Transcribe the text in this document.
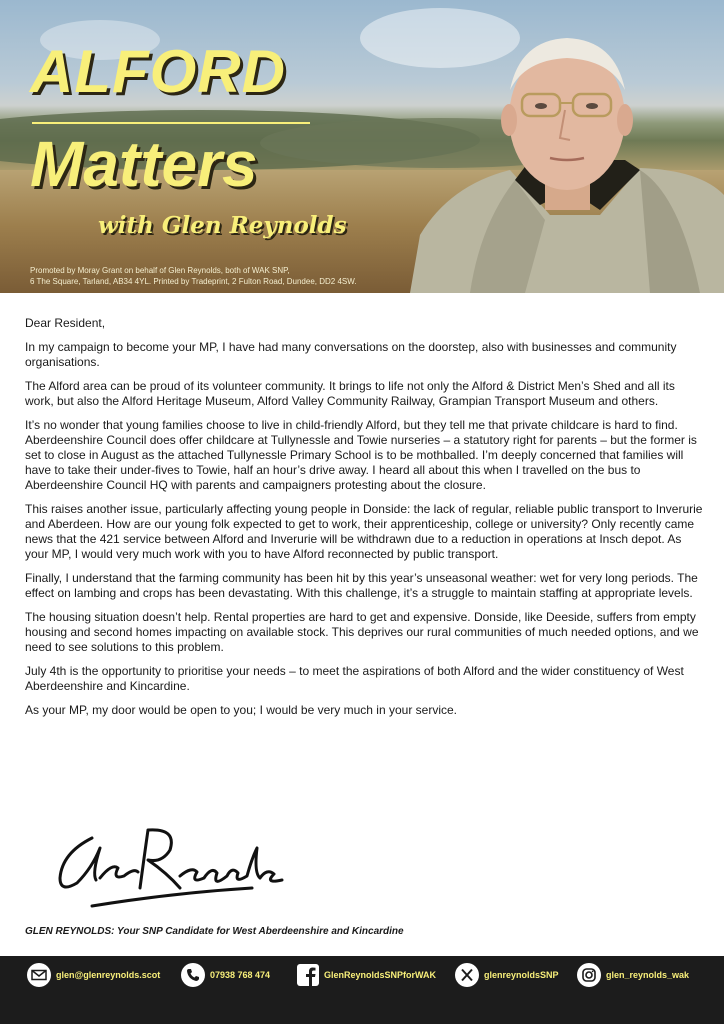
ALFORD
Matters
with Glen Reynolds
Promoted by Moray Grant on behalf of Glen Reynolds, both of WAK SNP,
6 The Square, Tarland, AB34 4YL. Printed by Tradeprint, 2 Fulton Road, Dundee, DD2 4SW.

Dear Resident,

In my campaign to become your MP, I have had many conversations on the doorstep, also with businesses and community organisations.

The Alford area can be proud of its volunteer community. It brings to life not only the Alford & District Men’s Shed and all its work, but also the Alford Heritage Museum, Alford Valley Community Railway, Grampian Transport Museum and others.

It’s no wonder that young families choose to live in child-friendly Alford, but they tell me that private childcare is hard to find. Aberdeenshire Council does offer childcare at Tullynessle and Towie nurseries – a statutory right for parents – but the former is set to close in August as the attached Tullynessle Primary School is to be mothballed. I’m deeply concerned that families will have to take their under-fives to Towie, half an hour’s drive away. I heard all about this when I travelled on the bus to Aberdeenshire Council HQ with parents and campaigners protesting about the closure.

This raises another issue, particularly affecting young people in Donside: the lack of regular, reliable public transport to Inverurie and Aberdeen. How are our young folk expected to get to work, their apprenticeship, college or university? Only recently came news that the 421 service between Alford and Inverurie will be withdrawn due to a reduction in operations at Insch depot. As your MP, I would very much work with you to have Alford reconnected by public transport.

Finally, I understand that the farming community has been hit by this year’s unseasonal weather: wet for very long periods. The effect on lambing and crops has been devastating. With this challenge, it’s a struggle to maintain staffing at appropriate levels.

The housing situation doesn’t help. Rental properties are hard to get and expensive. Donside, like Deeside, suffers from empty housing and second homes impacting on available stock. This deprives our rural communities of much needed options, and we need to see solutions to this problem.

July 4th is the opportunity to prioritise your needs – to meet the aspirations of both Alford and the wider constituency of West Aberdeenshire and Kincardine.

As your MP, my door would be open to you; I would be very much in your service.

GLEN REYNOLDS: Your SNP Candidate for West Aberdeenshire and Kincardine
glen@glenreynolds.scot	07938 768 474	GlenReynoldsSNPforWAK	glenreynoldsSNP	glen_reynolds_wak
